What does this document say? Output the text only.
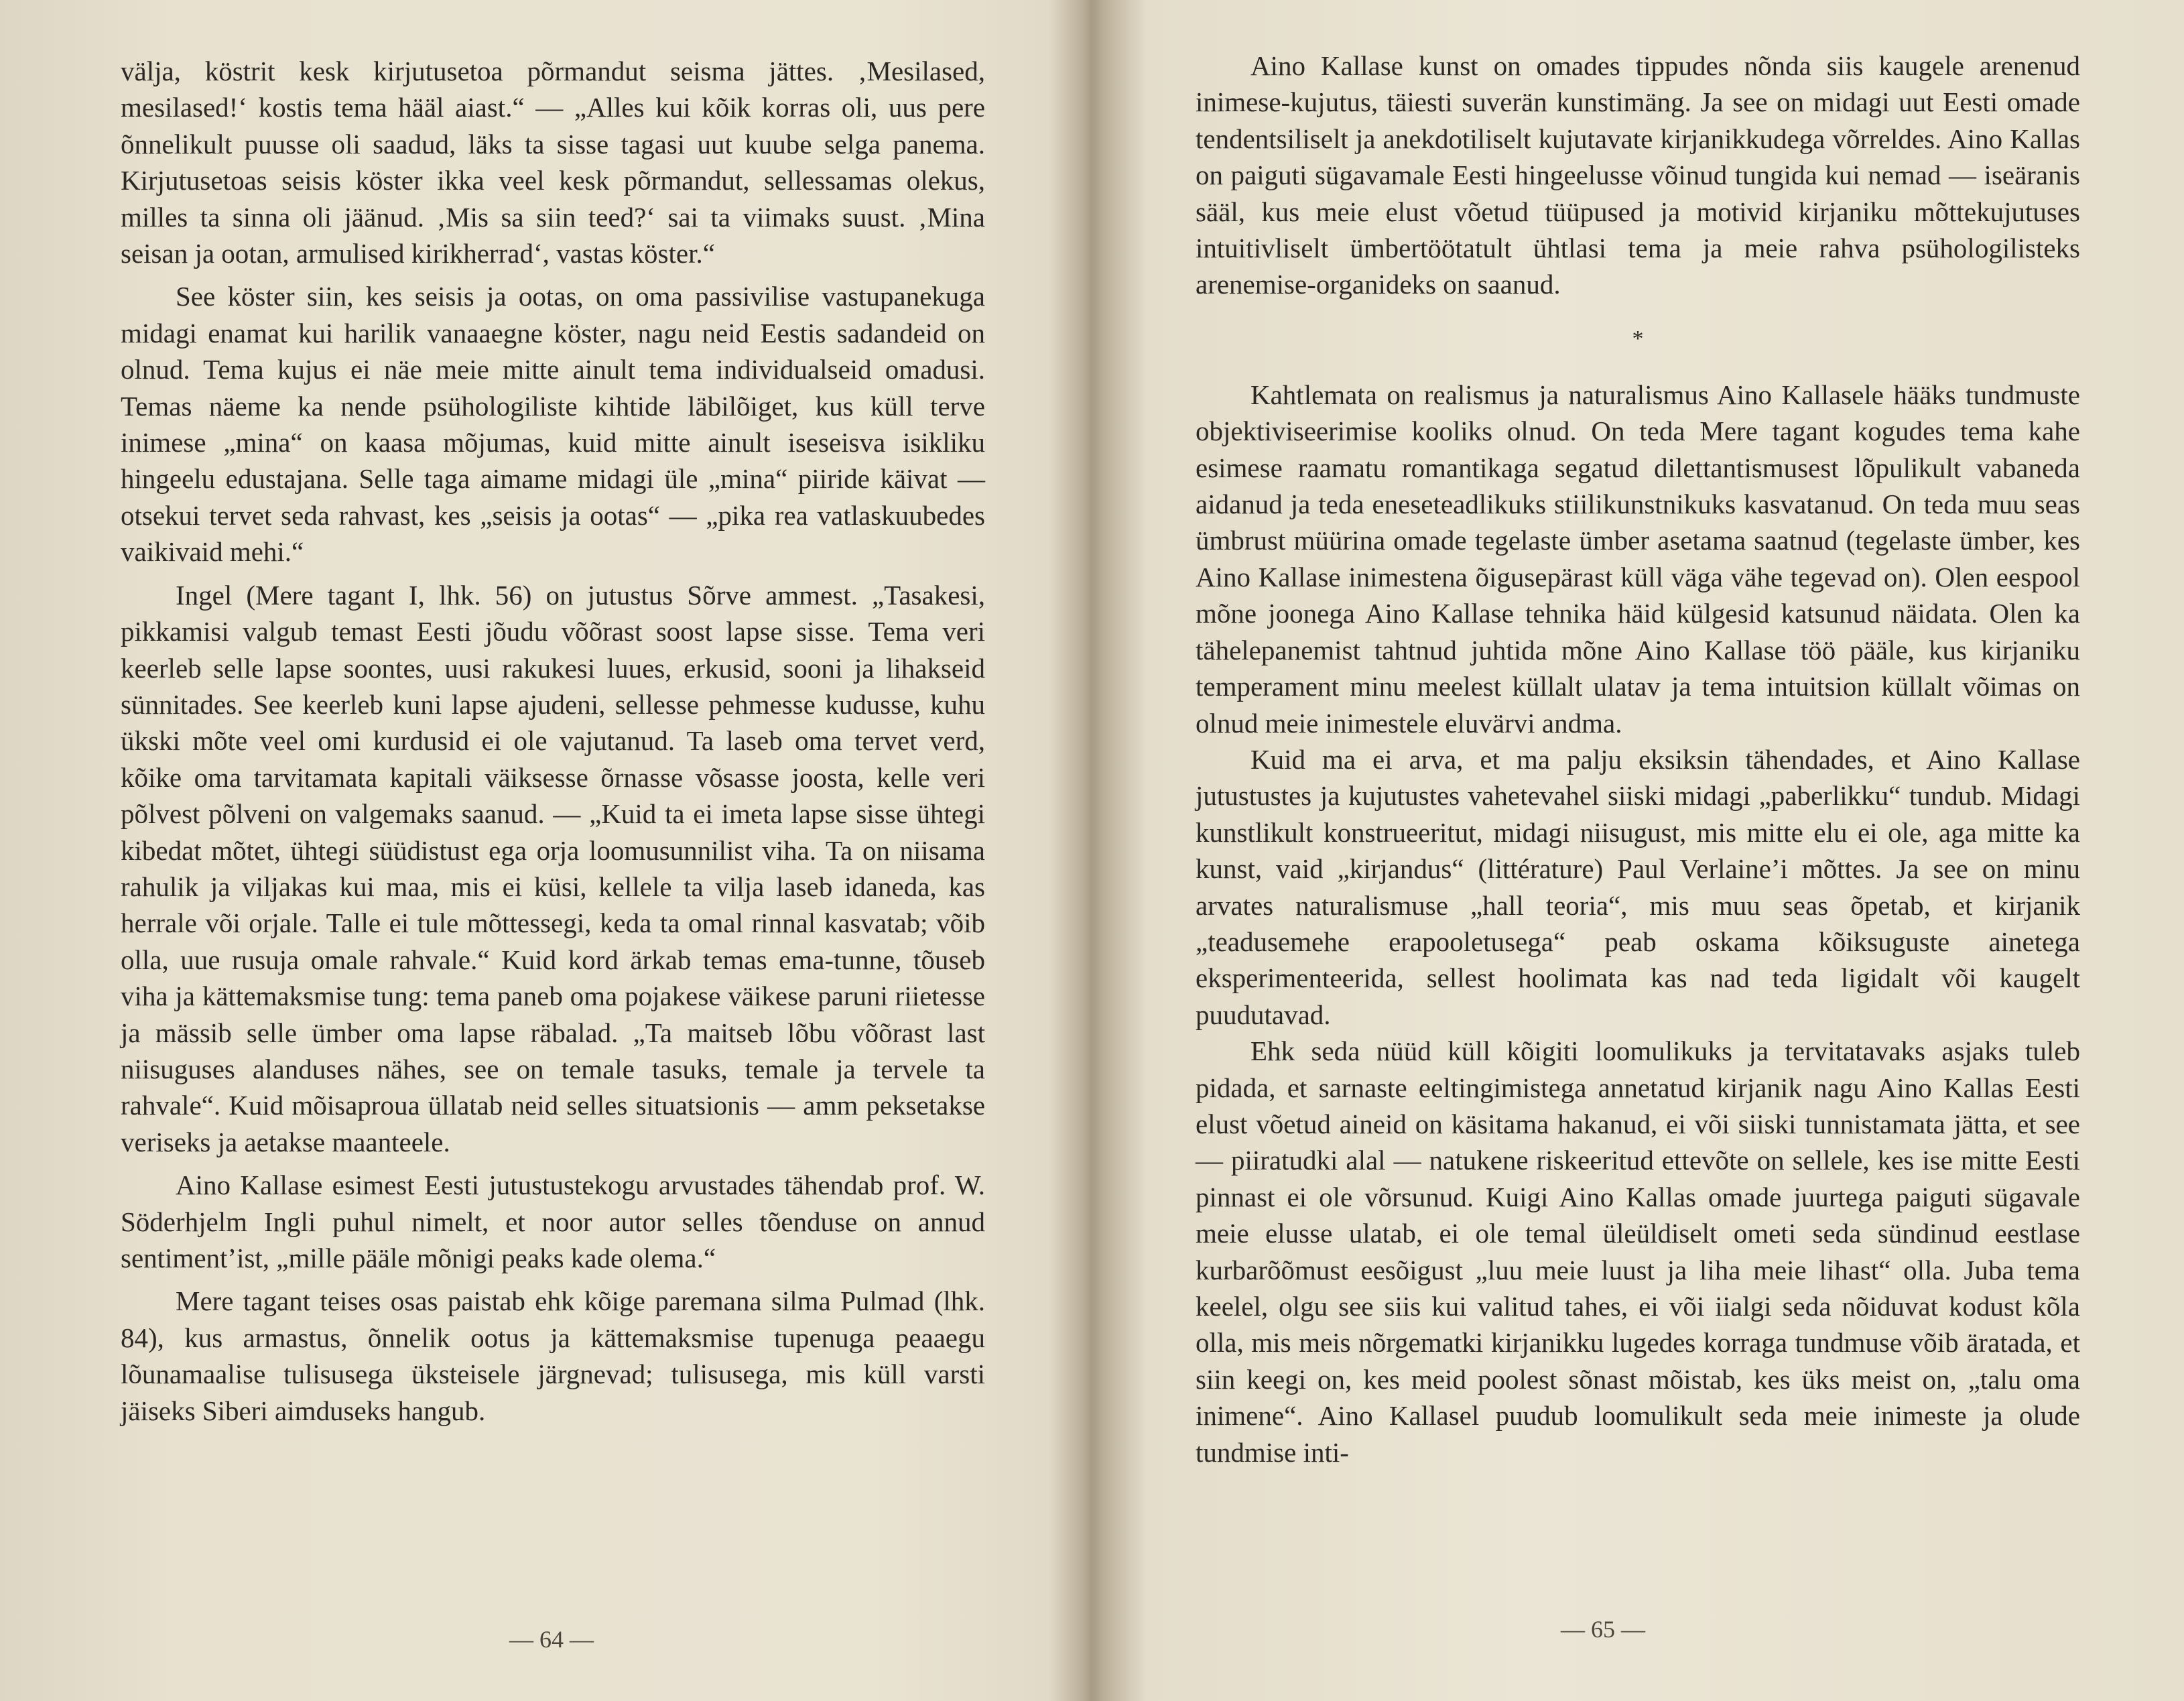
välja, köstrit kesk kirjutusetoa põrmandut seisma jättes. ‚Mesilased, mesilased!‘ kostis tema hääl aiast.“ — „Alles kui kõik korras oli, uus pere õnnelikult puusse oli saadud, läks ta sisse tagasi uut kuube selga panema. Kirjutusetoas seisis köster ikka veel kesk põrmandut, sellessamas olekus, milles ta sinna oli jäänud. ‚Mis sa siin teed?‘ sai ta viimaks suust. ‚Mina seisan ja ootan, armulised kirikherrad‘, vastas köster.“

See köster siin, kes seisis ja ootas, on oma passivilise vastupanekuga midagi enamat kui harilik vanaaegne köster, nagu neid Eestis sadandeid on olnud. Tema kujus ei näe meie mitte ainult tema individualseid omadusi. Temas näeme ka nende psühologiliste kihtide läbilõiget, kus küll terve inimese „mina“ on kaasa mõjumas, kuid mitte ainult iseseisva isikliku hingeelu edustajana. Selle taga aimame midagi üle „mina“ piiride käivat — otsekui tervet seda rahvast, kes „seisis ja ootas“ — „pika rea vatlaskuubedes vaikivaid mehi.“

Ingel (Mere tagant I, lhk. 56) on jutustus Sõrve ammest. „Tasakesi, pikkamisi valgub temast Eesti jõudu võõrast soost lapse sisse. Tema veri keerleb selle lapse soontes, uusi rakukesi luues, erkusid, sooni ja lihakseid sünnitades. See keerleb kuni lapse ajudeni, sellesse pehmesse kudusse, kuhu ükski mõte veel omi kurdusid ei ole vajutanud. Ta laseb oma tervet verd, kõike oma tarvitamata kapitali väiksesse õrnasse võsasse joosta, kelle veri põlvest põlveni on valgemaks saanud. — „Kuid ta ei imeta lapse sisse ühtegi kibedat mõtet, ühtegi süüdistust ega orja loomusunnilist viha. Ta on niisama rahulik ja viljakas kui maa, mis ei küsi, kellele ta vilja laseb idaneda, kas herrale või orjale. Talle ei tule mõttessegi, keda ta omal rinnal kasvatab; võib olla, uue rusuja omale rahvale.“ Kuid kord ärkab temas ema-tunne, tõuseb viha ja kättemaksmise tung: tema paneb oma pojakese väikese paruni riietesse ja mässib selle ümber oma lapse räbalad. „Ta maitseb lõbu võõrast last niisuguses alanduses nähes, see on temale tasuks, temale ja tervele ta rahvale“. Kuid mõisaproua üllatab neid selles situatsionis — amm peksetakse veriseks ja aetakse maanteele.

Aino Kallase esimest Eesti jutustustekogu arvustades tähendab prof. W. Söderhjelm Ingli puhul nimelt, et noor autor selles tõenduse on annud sentiment’ist, „mille pääle mõnigi peaks kade olema.“

Mere tagant teises osas paistab ehk kõige paremana silma Pulmad (lhk. 84), kus armastus, õnnelik ootus ja kättemaksmise tupenuga peaaegu lõunamaalise tulisusega üksteisele järgnevad; tulisusega, mis küll varsti jäiseks Siberi aimduseks hangub.

— 64 —

Aino Kallase kunst on omades tippudes nõnda siis kaugele arenenud inimese-kujutus, täiesti suverän kunstimäng. Ja see on midagi uut Eesti omade tendentsiliselt ja anekdotiliselt kujutavate kirjanikkudega võrreldes. Aino Kallas on paiguti sügavamale Eesti hingeelusse võinud tungida kui nemad — iseäranis sääl, kus meie elust võetud tüüpused ja motivid kirjaniku mõttekujutuses intuitivliselt ümbertöötatult ühtlasi tema ja meie rahva psühologilisteks arenemise-organideks on saanud.

*

Kahtlemata on realismus ja naturalismus Aino Kallasele hääks tundmuste objektiviseerimise kooliks olnud. On teda Mere tagant kogudes tema kahe esimese raamatu romantikaga segatud dilettantismusest lõpulikult vabaneda aidanud ja teda eneseteadlikuks stiilikunstnikuks kasvatanud. On teda muu seas ümbrust müürina omade tegelaste ümber asetama saatnud (tegelaste ümber, kes Aino Kallase inimestena õigusepärast küll väga vähe tegevad on). Olen eespool mõne joonega Aino Kallase tehnika häid külgesid katsunud näidata. Olen ka tähelepanemist tahtnud juhtida mõne Aino Kallase töö pääle, kus kirjaniku temperament minu meelest küllalt ulatav ja tema intuitsion küllalt võimas on olnud meie inimestele eluvärvi andma.

Kuid ma ei arva, et ma palju eksiksin tähendades, et Aino Kallase jutustustes ja kujutustes vahetevahel siiski midagi „paberlikku“ tundub. Midagi kunstlikult konstrueeritut, midagi niisugust, mis mitte elu ei ole, aga mitte ka kunst, vaid „kirjandus“ (littérature) Paul Verlaine’i mõttes. Ja see on minu arvates naturalismuse „hall teoria“, mis muu seas õpetab, et kirjanik „teadusemehe erapooletusega“ peab oskama kõiksuguste ainetega eksperimenteerida, sellest hoolimata kas nad teda ligidalt või kaugelt puudutavad.

Ehk seda nüüd küll kõigiti loomulikuks ja tervitatavaks asjaks tuleb pidada, et sarnaste eeltingimistega annetatud kirjanik nagu Aino Kallas Eesti elust võetud aineid on käsitama hakanud, ei või siiski tunnistamata jätta, et see — piiratudki alal — natukene riskeeritud ettevõte on sellele, kes ise mitte Eesti pinnast ei ole võrsunud. Kuigi Aino Kallas omade juurtega paiguti sügavale meie elusse ulatab, ei ole temal üleüldiselt ometi seda sündinud eestlase kurbarõõmust eesõigust „luu meie luust ja liha meie lihast“ olla. Juba tema keelel, olgu see siis kui valitud tahes, ei või iialgi seda nõiduvat kodust kõla olla, mis meis nõrgematki kirjanikku lugedes korraga tundmuse võib äratada, et siin keegi on, kes meid poolest sõnast mõistab, kes üks meist on, „talu oma inimene“. Aino Kallasel puudub loomulikult seda meie inimeste ja olude tundmise inti-

— 65 —
